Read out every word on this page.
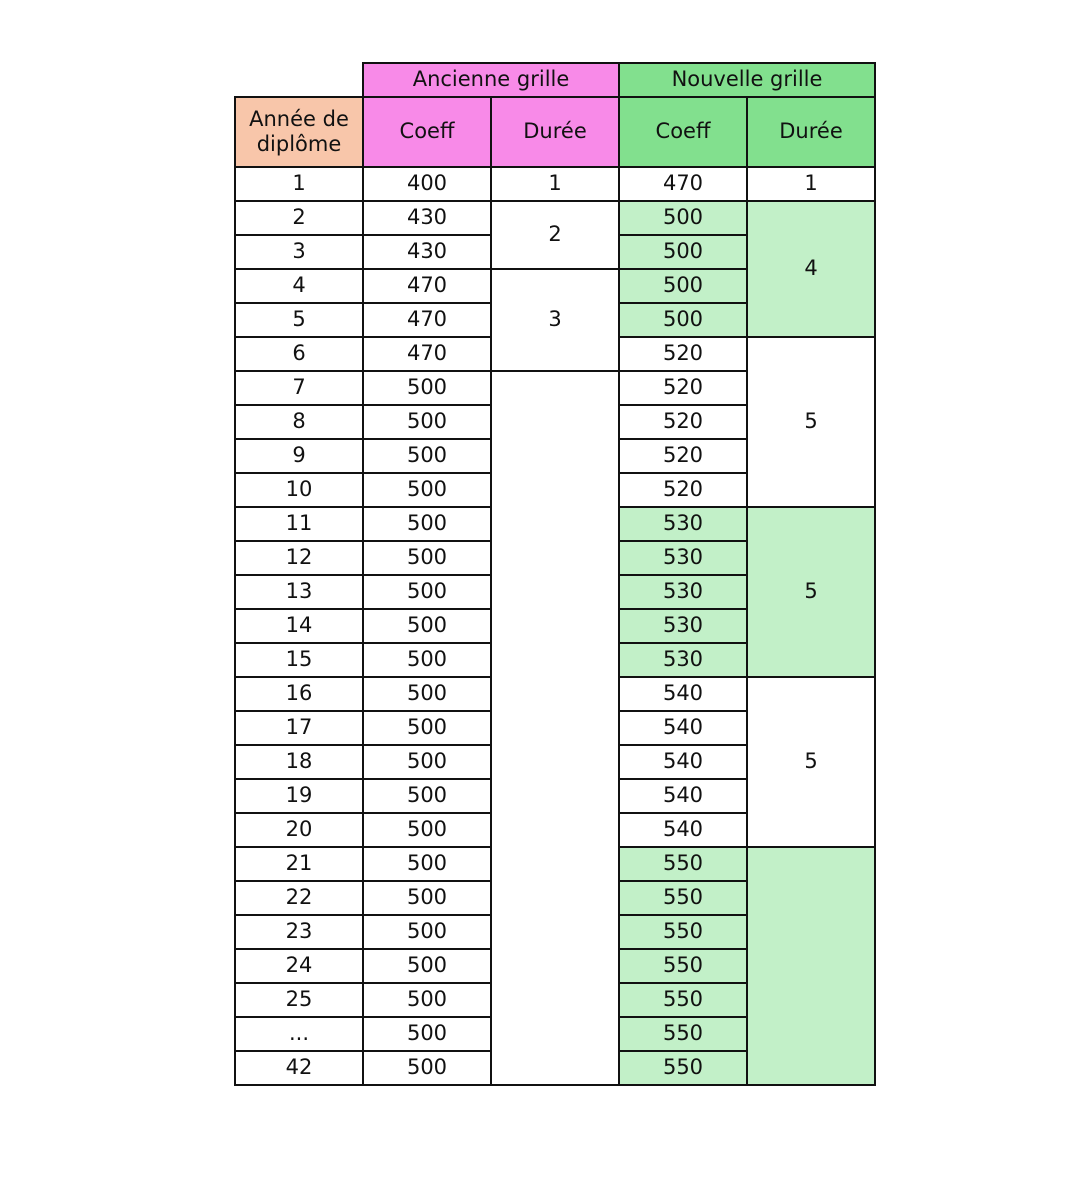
	Ancienne grille		Nouvelle grille	
Année de diplôme	Coeff	Durée	Coeff	Durée
1	400	1	470	1
2	430	2	500	4
3	430		500	
4	470	3	500	
5	470		500	
6	470		520	5
7	500		520	
8	500		520	
9	500		520	
10	500		520	
11	500		530	5
12	500		530	
13	500		530	
14	500		530	
15	500		530	
16	500		540	5
17	500		540	
18	500		540	
19	500		540	
20	500		540	
21	500		550	
22	500		550	
23	500		550	
24	500		550	
25	500		550	
...	500		550	
42	500		550	
